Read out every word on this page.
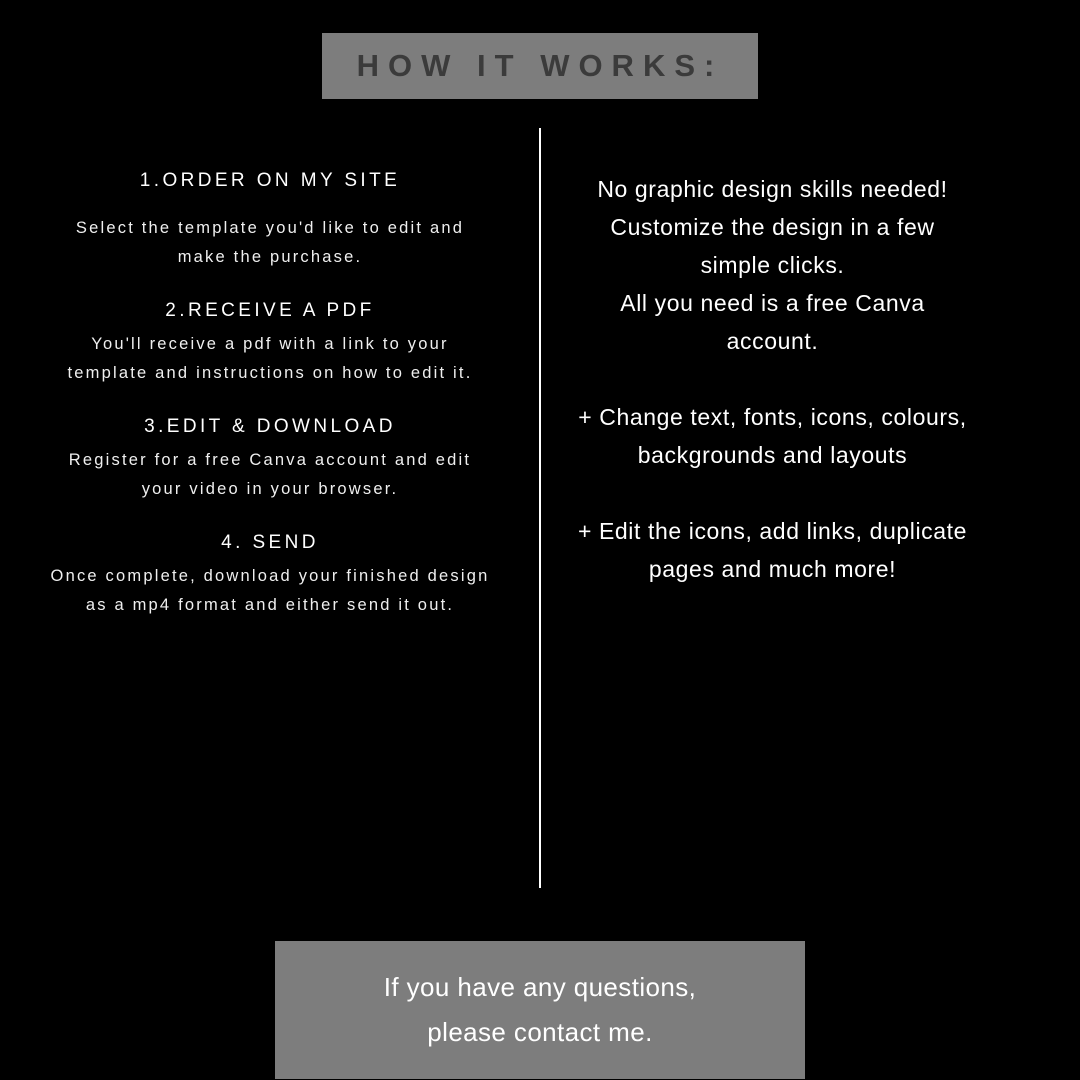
HOW IT WORKS:

1.ORDER ON MY SITE

Select the template you'd like to edit and make the purchase.

2.RECEIVE A PDF

You'll receive a pdf with a link to your template and instructions on how to edit it.

3.EDIT & DOWNLOAD

Register for a free Canva account and edit your video in your browser.

4. SEND

Once complete, download your finished design as a mp4 format and either send it out.

No graphic design skills needed!
Customize the design in a few simple clicks.
All you need is a free Canva account.

+ Change text, fonts, icons, colours, backgrounds and layouts

+ Edit the icons, add links, duplicate pages and much more!

If you have any questions,
please contact me.
